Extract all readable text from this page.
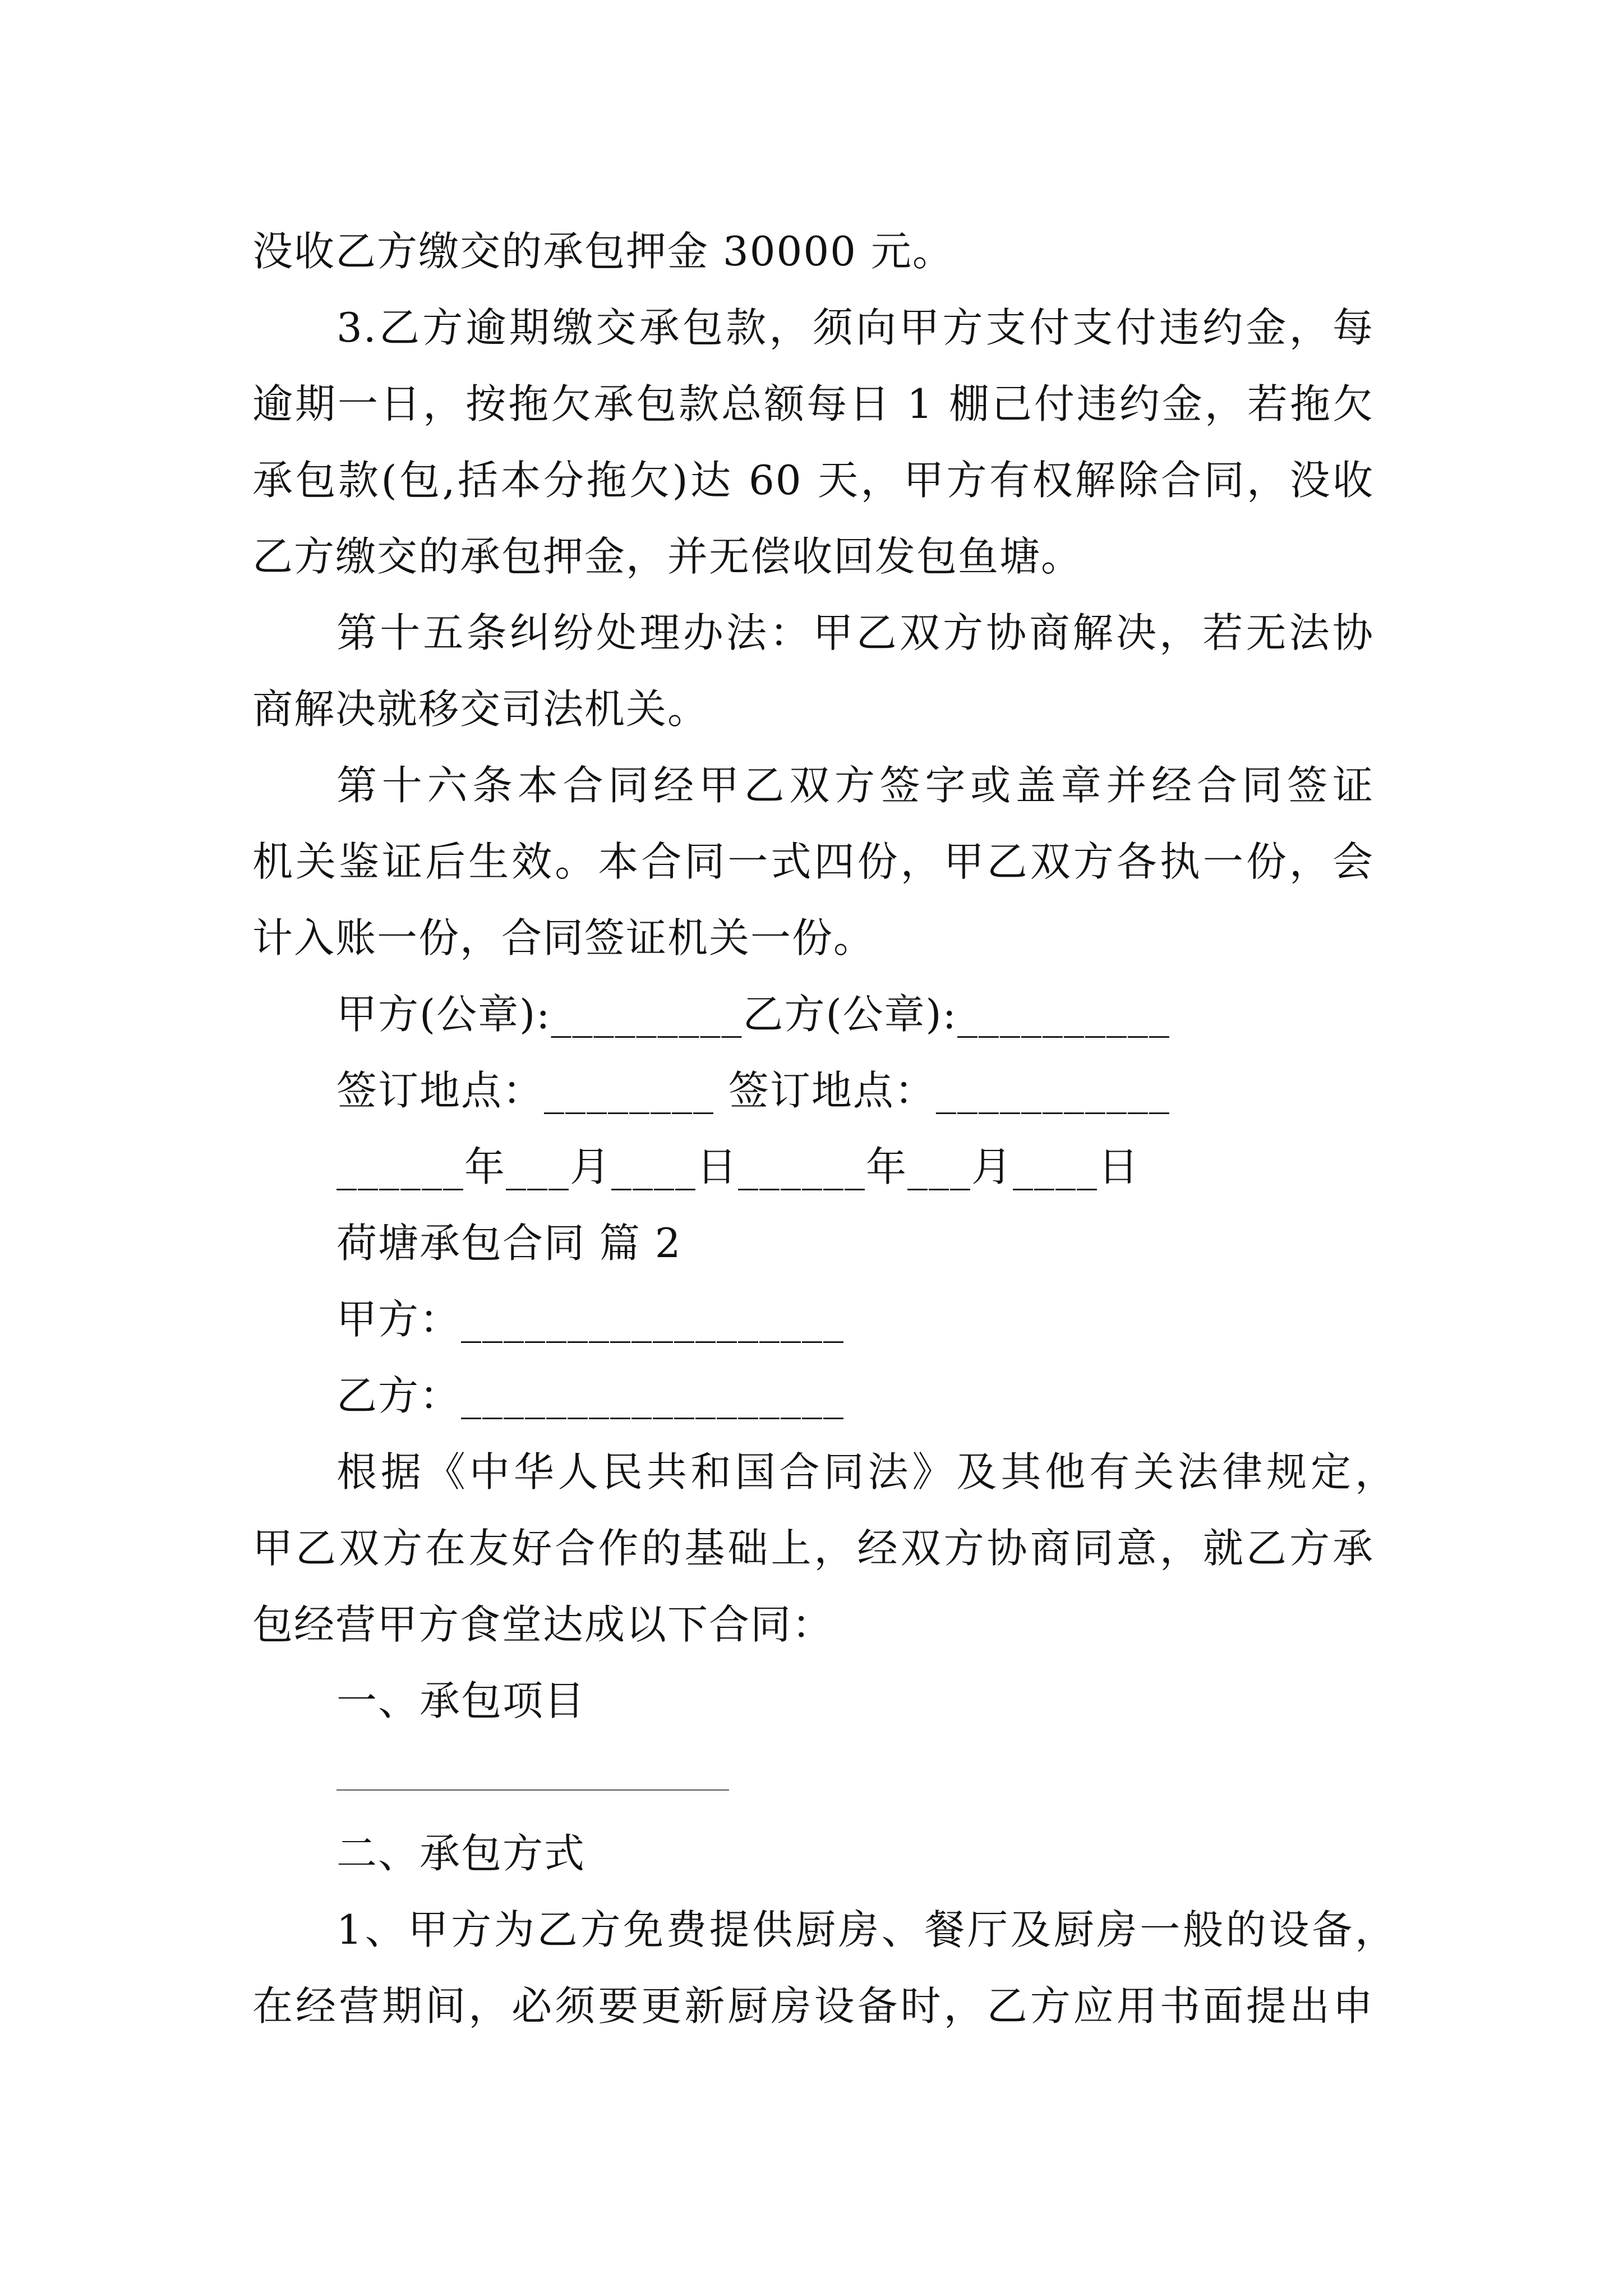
没收乙方缴交的承包押金 30000 元。
3.乙方逾期缴交承包款，须向甲方支付支付违约金，每
逾期一日，按拖欠承包款总额每日 1 棚己付违约金，若拖欠
承包款(包,括本分拖欠)达 60 天，甲方有权解除合同，没收
乙方缴交的承包押金，并无偿收回发包鱼塘。
第十五条纠纷处理办法：甲乙双方协商解决，若无法协
商解决就移交司法机关。
第十六条本合同经甲乙双方签字或盖章并经合同签证
机关鉴证后生效。本合同一式四份，甲乙双方各执一份，会
计入账一份，合同签证机关一份。
甲方(公章):_________乙方(公章):__________
签订地点：________ 签订地点：___________
______年___月____日______年___月____日
荷塘承包合同 篇 2
甲方：__________________
乙方：__________________
根据《中华人民共和国合同法》及其他有关法律规定，
甲乙双方在友好合作的基础上，经双方协商同意，就乙方承
包经营甲方食堂达成以下合同：
一、承包项目
二、承包方式
1、甲方为乙方免费提供厨房、餐厅及厨房一般的设备，
在经营期间，必须要更新厨房设备时，乙方应用书面提出申
